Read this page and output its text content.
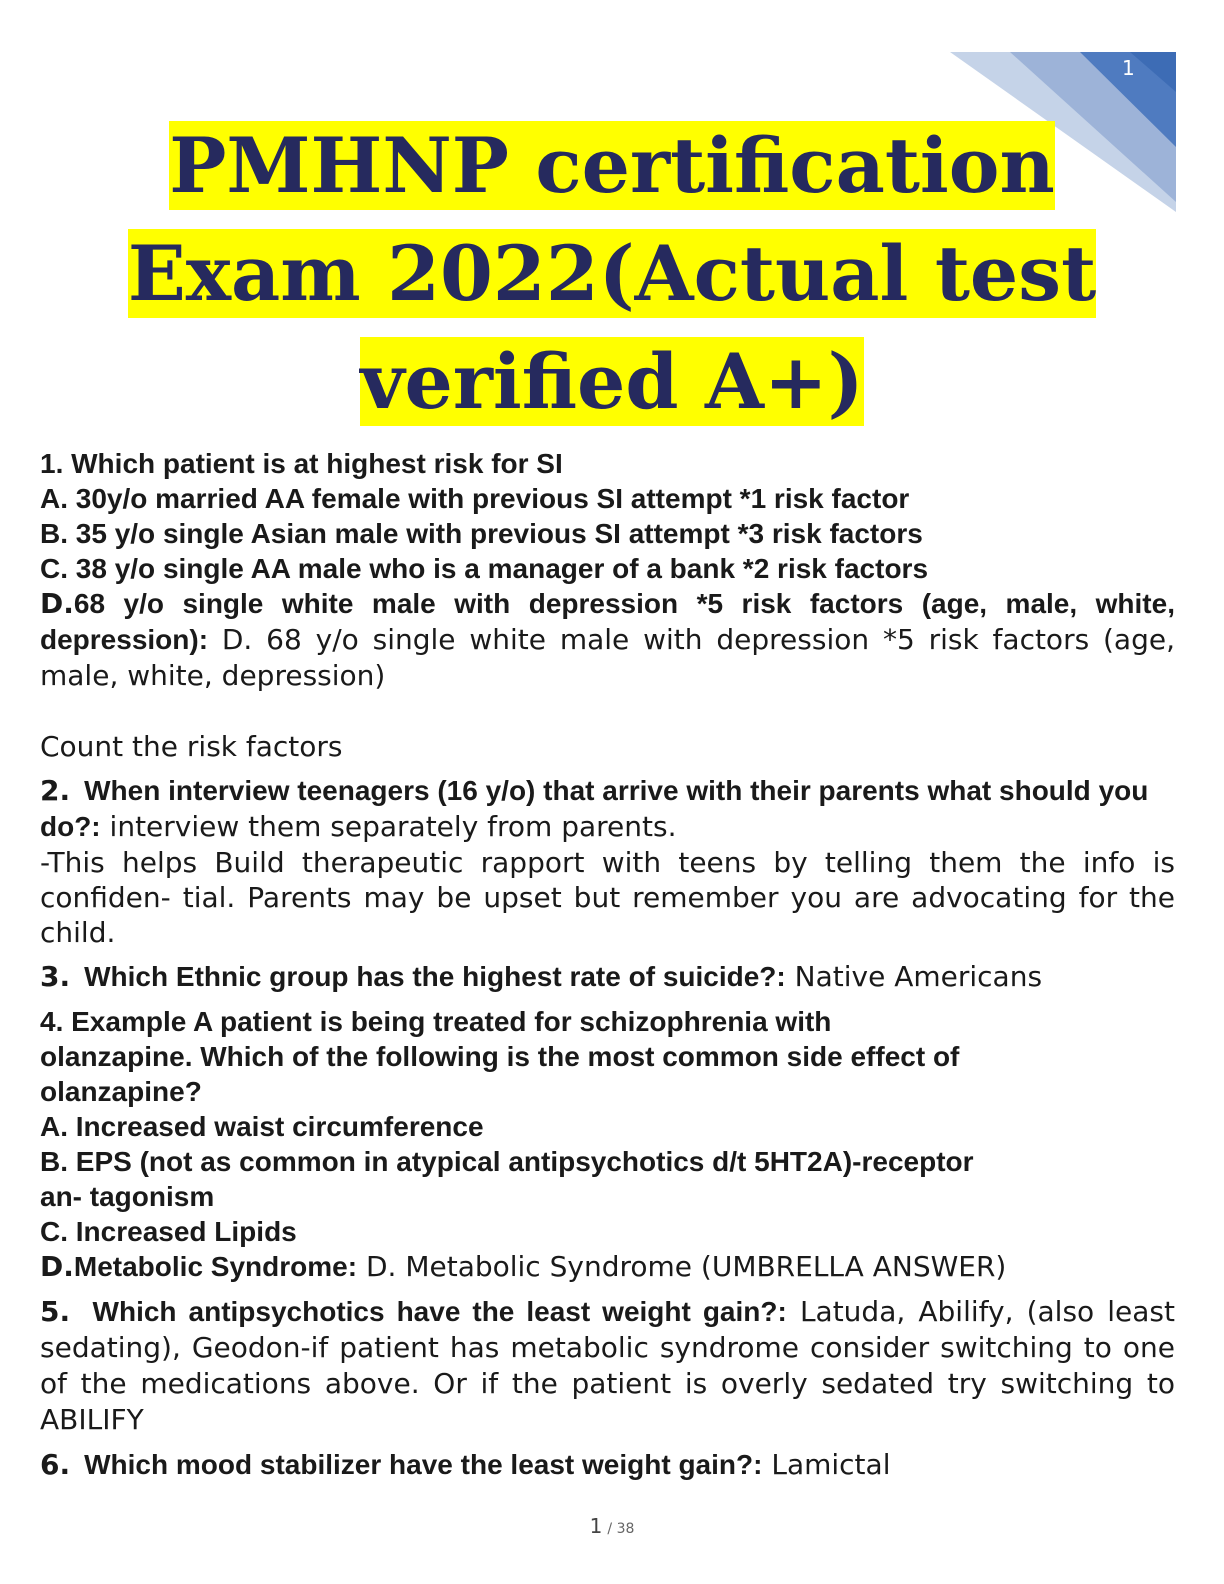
1
PMHNP certification
Exam 2022(Actual test
verified A+)
1. Which patient is at highest risk for SI
A. 30y/o married AA female with previous SI attempt *1 risk factor
B. 35 y/o single Asian male with previous SI attempt *3 risk factors
C. 38 y/o single AA male who is a manager of a bank *2 risk factors
D.68 y/o single white male with depression *5 risk factors (age, male, white, depression): D. 68 y/o single white male with depression *5 risk factors (age, male, white, depression)
Count the risk factors
2. When interview teenagers (16 y/o) that arrive with their parents what should you do?: interview them separately from parents.
-This helps Build therapeutic rapport with teens by telling them the info is confiden- tial. Parents may be upset but remember you are advocating for the child.
3. Which Ethnic group has the highest rate of suicide?: Native Americans
4. Example A patient is being treated for schizophrenia with
olanzapine. Which of the following is the most common side effect of
olanzapine?
A. Increased waist circumference
B. EPS (not as common in atypical antipsychotics d/t 5HT2A)-receptor
an- tagonism
C. Increased Lipids
D.Metabolic Syndrome: D. Metabolic Syndrome (UMBRELLA ANSWER)
5. Which antipsychotics have the least weight gain?: Latuda, Abilify, (also least sedating), Geodon-if patient has metabolic syndrome consider switching to one of the medications above. Or if the patient is overly sedated try switching to ABILIFY
6. Which mood stabilizer have the least weight gain?: Lamictal
1 / 38
